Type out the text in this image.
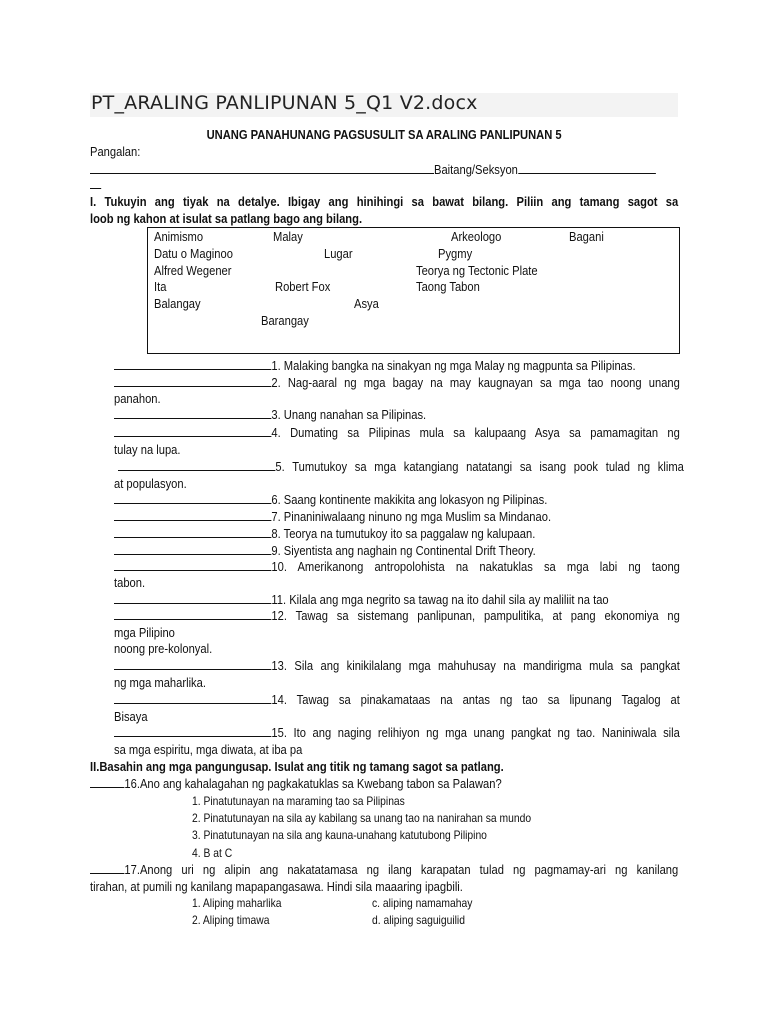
PT_ARALING PANLIPUNAN 5_Q1 V2.docx
UNANG PANAHUNANG PAGSUSULIT SA ARALING PANLIPUNAN 5
Pangalan:
Baitang/Seksyon
I. Tukuyin ang tiyak na detalye. Ibigay ang hinihingi sa bawat bilang. Piliin ang tamang sagot sa
loob ng kahon at isulat sa patlang bago ang bilang.
Animismo	Malay	Arkeologo	Bagani
Datu o Maginoo	Lugar	Pygmy
Alfred Wegener	Teorya ng Tectonic Plate
Ita	Robert Fox	Taong Tabon
Balangay	Asya
Barangay
1. Malaking bangka na sinakyan ng mga Malay ng magpunta sa Pilipinas.
2. Nag-aaral ng mga bagay na may kaugnayan sa mga tao noong unang
panahon.
3. Unang nanahan sa Pilipinas.
4. Dumating sa Pilipinas mula sa kalupaang Asya sa pamamagitan ng
tulay na lupa.
5. Tumutukoy sa mga katangiang natatangi sa isang pook tulad ng klima
at populasyon.
6. Saang kontinente makikita ang lokasyon ng Pilipinas.
7. Pinaniniwalaang ninuno ng mga Muslim sa Mindanao.
8. Teorya na tumutukoy ito sa paggalaw ng kalupaan.
9. Siyentista ang naghain ng Continental Drift Theory.
10. Amerikanong antropolohista na nakatuklas sa mga labi ng taong
tabon.
11. Kilala ang mga negrito sa tawag na ito dahil sila ay maliliit na tao
12. Tawag sa sistemang panlipunan, pampulitika, at pang ekonomiya ng
mga Pilipino
noong pre-kolonyal.
13. Sila ang kinikilalang mga mahuhusay na mandirigma mula sa pangkat
ng mga maharlika.
14. Tawag sa pinakamataas na antas ng tao sa lipunang Tagalog at
Bisaya
15. Ito ang naging relihiyon ng mga unang pangkat ng tao. Naniniwala sila
sa mga espiritu, mga diwata, at iba pa
II.Basahin ang mga pangungusap. Isulat ang titik ng tamang sagot sa patlang.
16.Ano ang kahalagahan ng pagkakatuklas sa Kwebang tabon sa Palawan?
1. Pinatutunayan na maraming tao sa Pilipinas
2. Pinatutunayan na sila ay kabilang sa unang tao na nanirahan sa mundo
3. Pinatutunayan na sila ang kauna-unahang katutubong Pilipino
4. B at C
17.Anong uri ng alipin ang nakatatamasa ng ilang karapatan tulad ng pagmamay-ari ng kanilang
tirahan, at pumili ng kanilang mapapangasawa. Hindi sila maaaring ipagbili.
1. Aliping maharlika	c. aliping namamahay
2. Aliping timawa	d. aliping saguiguilid
